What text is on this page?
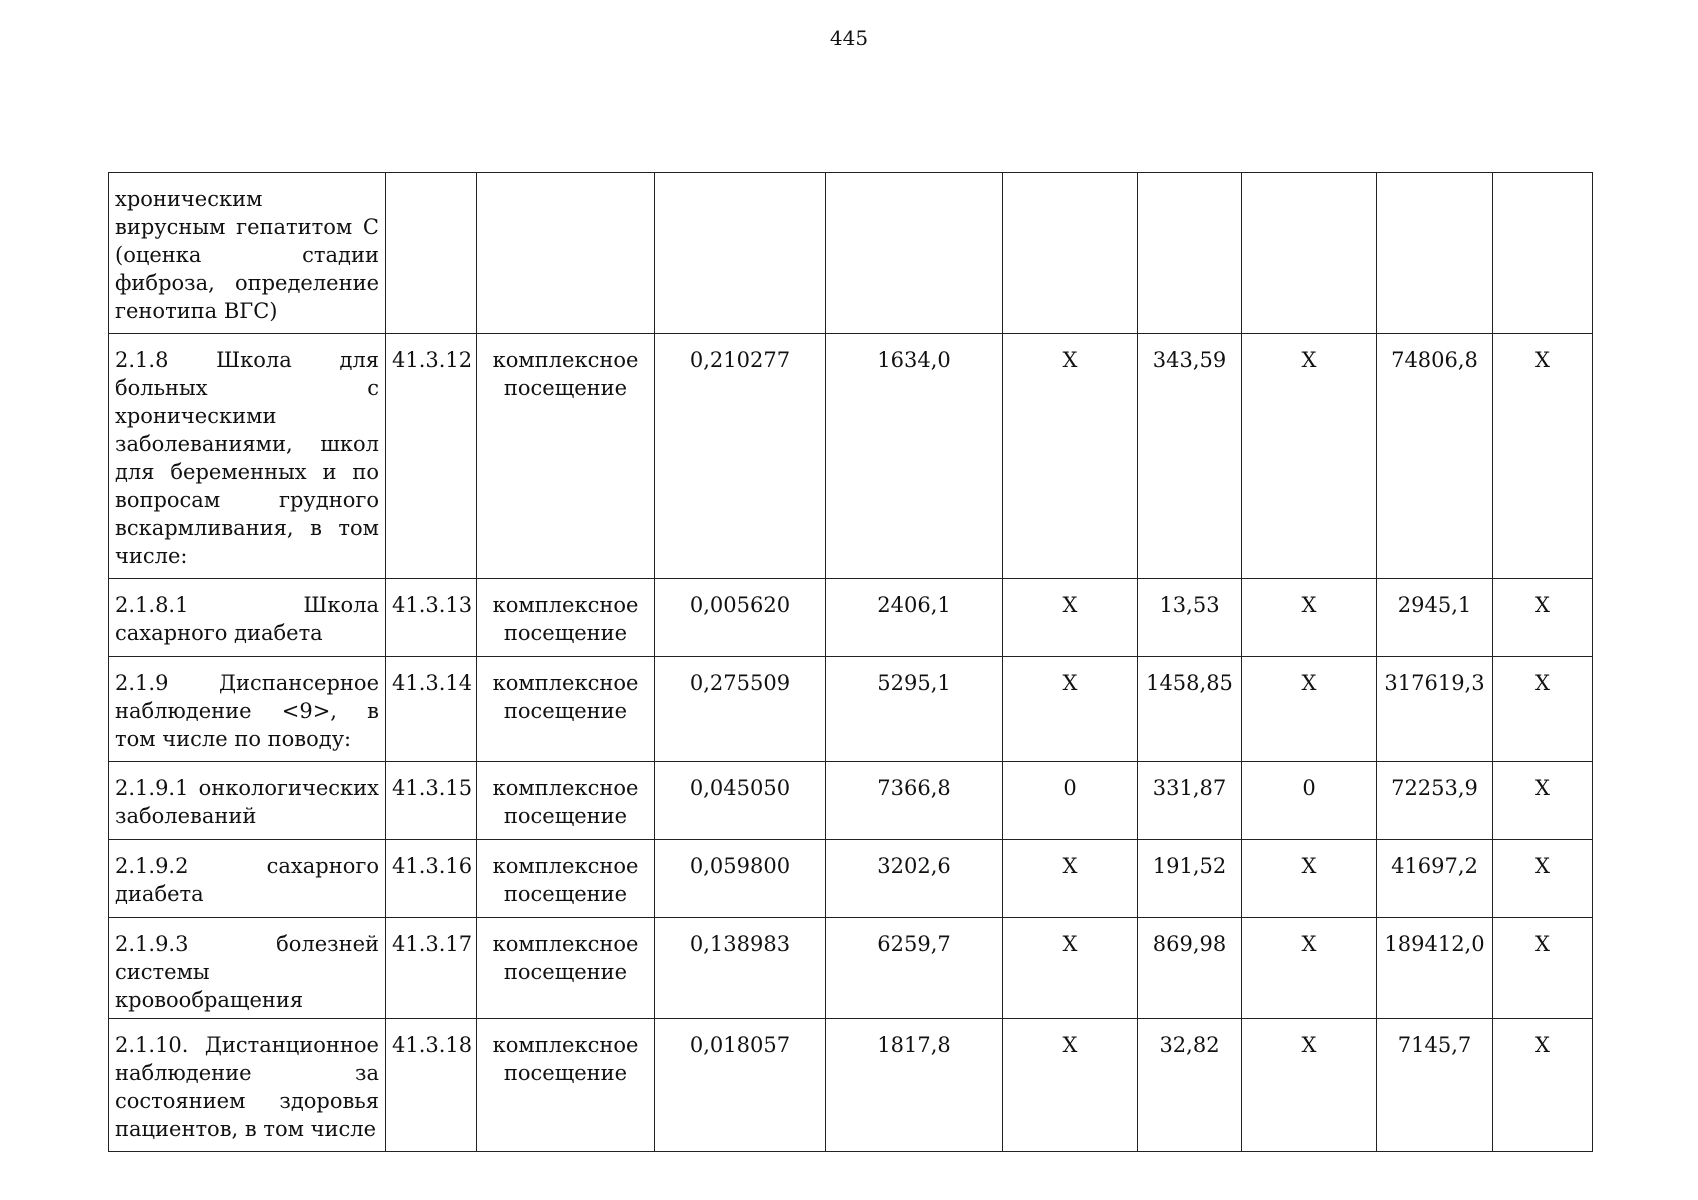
445
хроническим вирусным гепатитом С (оценка стадии фиброза, определение генотипа ВГС)									
2.1.8 Школа для больных с хроническими заболеваниями, школ для беременных и по вопросам грудного вскармливания, в том числе:	41.3.12	комплексное посещение	0,210277	1634,0	Х	343,59	Х	74806,8	Х
2.1.8.1 Школа сахарного диабета	41.3.13	комплексное посещение	0,005620	2406,1	Х	13,53	Х	2945,1	Х
2.1.9 Диспансерное наблюдение <9>, в том числе по поводу:	41.3.14	комплексное посещение	0,275509	5295,1	Х	1458,85	Х	317619,3	Х
2.1.9.1 онкологических заболеваний	41.3.15	комплексное посещение	0,045050	7366,8	0	331,87	0	72253,9	Х
2.1.9.2 сахарного диабета	41.3.16	комплексное посещение	0,059800	3202,6	Х	191,52	Х	41697,2	Х
2.1.9.3 болезней системы кровообращения	41.3.17	комплексное посещение	0,138983	6259,7	Х	869,98	Х	189412,0	Х
2.1.10. Дистанционное наблюдение за состоянием здоровья пациентов, в том числе	41.3.18	комплексное посещение	0,018057	1817,8	Х	32,82	Х	7145,7	Х
